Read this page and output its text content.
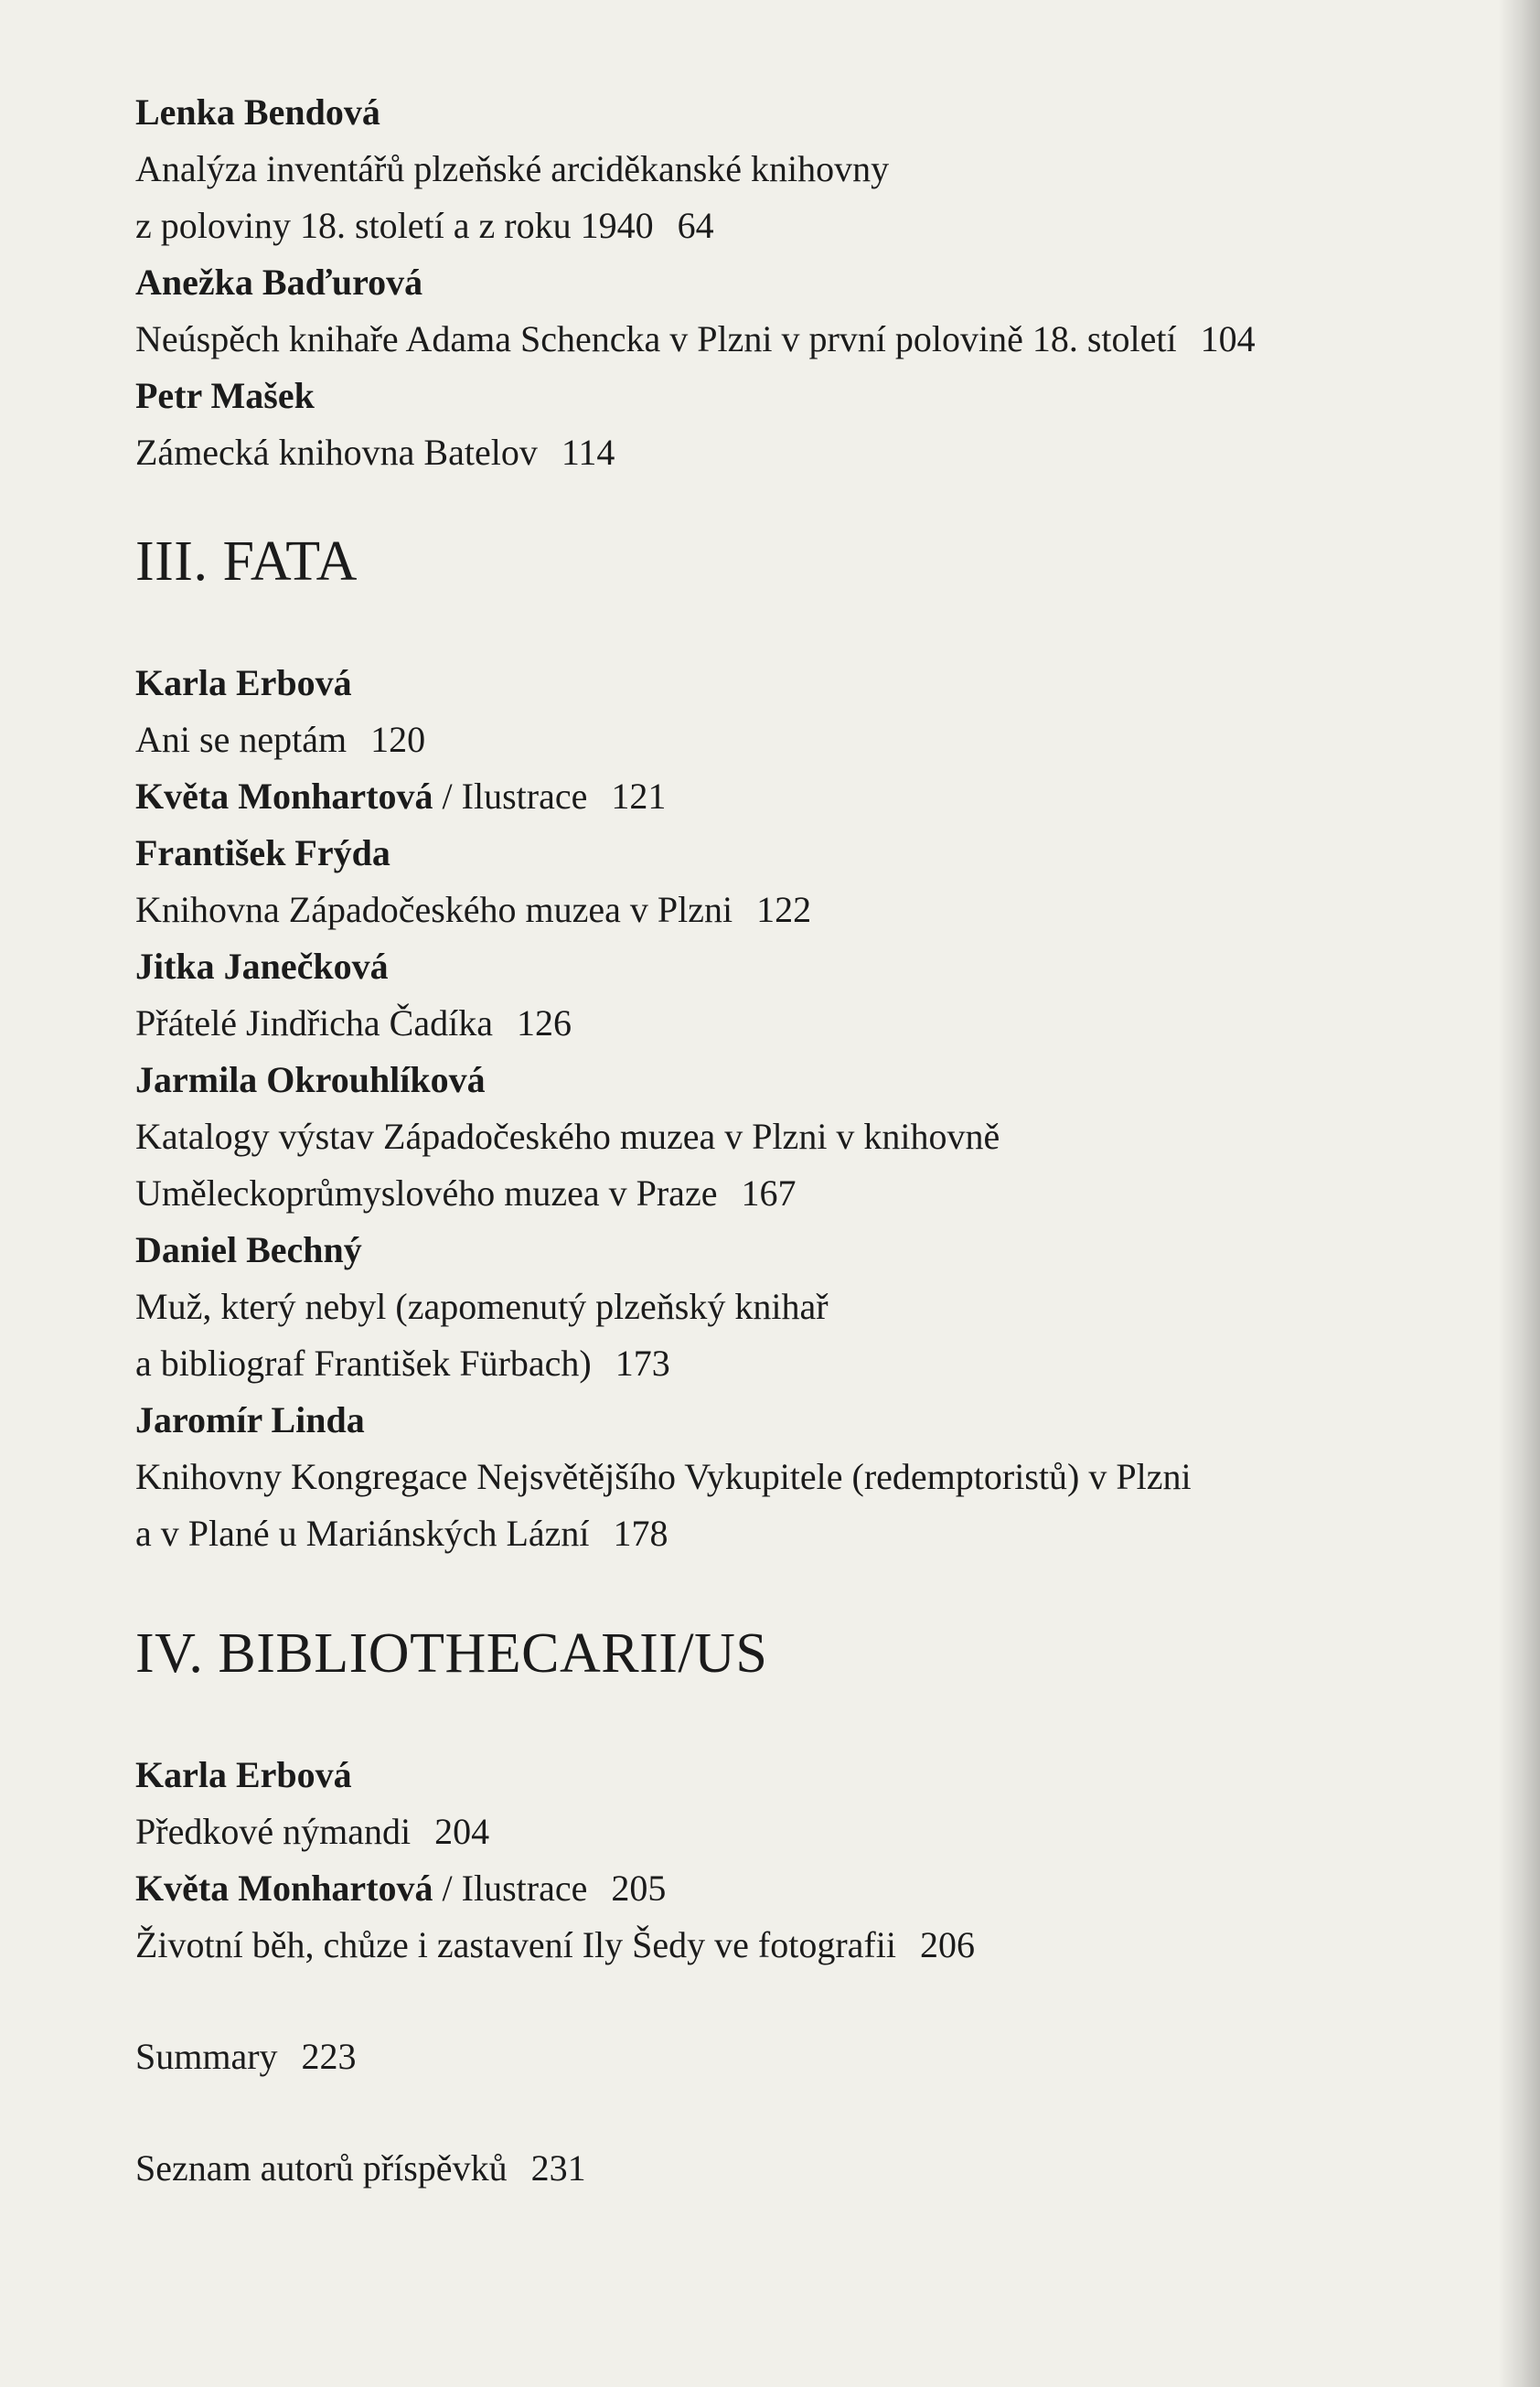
Lenka Bendová
Analýza inventářů plzeňské arciděkanské knihovny
z poloviny 18. století a z roku 1940 64
Anežka Baďurová
Neúspěch knihaře Adama Schencka v Plzni v první polovině 18. století 104
Petr Mašek
Zámecká knihovna Batelov 114
III. FATA
Karla Erbová
Ani se neptám 120
Květa Monhartová / Ilustrace 121
František Frýda
Knihovna Západočeského muzea v Plzni 122
Jitka Janečková
Přátelé Jindřicha Čadíka 126
Jarmila Okrouhlíková
Katalogy výstav Západočeského muzea v Plzni v knihovně
Uměleckoprůmyslového muzea v Praze 167
Daniel Bechný
Muž, který nebyl (zapomenutý plzeňský knihař
a bibliograf František Fürbach) 173
Jaromír Linda
Knihovny Kongregace Nejsvětějšího Vykupitele (redemptoristů) v Plzni
a v Plané u Mariánských Lázní 178
IV. BIBLIOTHECARII/US
Karla Erbová
Předkové nýmandi 204
Květa Monhartová / Ilustrace 205
Životní běh, chůze i zastavení Ily Šedy ve fotografii 206
Summary 223
Seznam autorů příspěvků 231
